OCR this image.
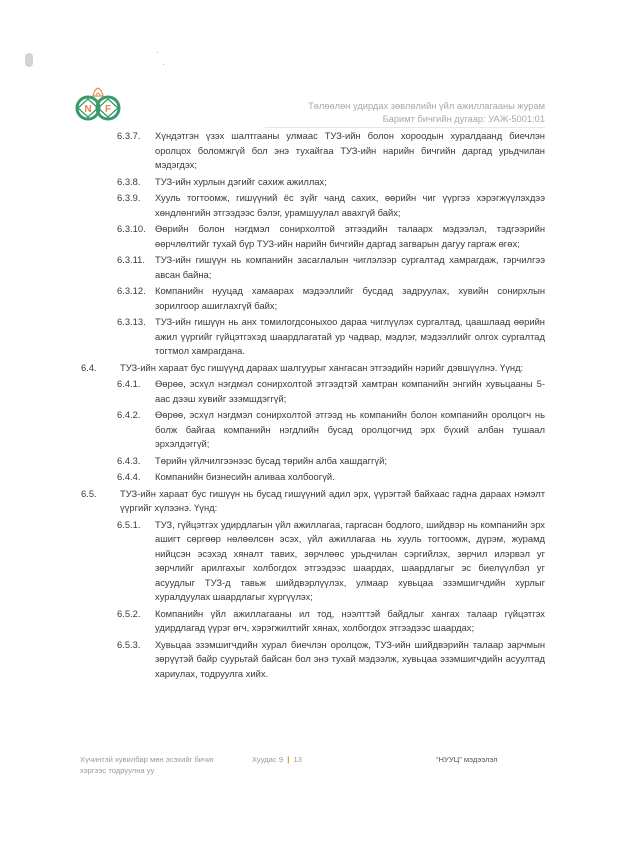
N F	Төлөөлөн удирдах зөвлөлийн үйл ажиллагааны журам
Баримт бичгийн дугаар: УАЖ-5001:01
6.3.7. Хүндэтгэн үзэх шалтгааны улмаас ТУЗ-ийн болон хороодын хуралдаанд биечлэн оролцох боломжгүй бол энэ тухайгаа ТУЗ-ийн нарийн бичгийн даргад урьдчилан мэдэгдэх;
6.3.8. ТУЗ-ийн хурлын дэгийг сахиж ажиллах;
6.3.9. Хууль тогтоомж, гишүүний ёс зүйг чанд сахих, өөрийн чиг үүргээ хэрэгжүүлэхдээ хөндлөнгийн этгээдээс бэлэг, урамшуулал авахгүй байх;
6.3.10. Өөрийн болон нэгдмэл сонирхолтой этгээдийн талаарх мэдээлэл, тэдгээрийн өөрчлөлтийг тухай бүр ТУЗ-ийн нарийн бичгийн даргад загварын дагуу гаргаж өгөх;
6.3.11. ТУЗ-ийн гишүүн нь компанийн засаглалын чиглэлээр сургалтад хамрагдаж, гэрчилгээ авсан байна;
6.3.12. Компанийн нууцад хамаарах мэдээллийг бусдад задруулах, хувийн сонирхлын зорилгоор ашиглахгүй байх;
6.3.13. ТУЗ-ийн гишүүн нь анх томилогдсоныхоо дараа чиглүүлэх сургалтад, цаашлаад өөрийн ажил үүргийг гүйцэтгэхэд шаардлагатай ур чадвар, мэдлэг, мэдээллийг олгох сургалтад тогтмол хамрагдана.
6.4. ТУЗ-ийн хараат бус гишүүнд дараах шалгуурыг хангасан этгээдийн нэрийг дэвшүүлнэ. Үүнд:
6.4.1. Өөрөө, эсхүл нэгдмэл сонирхолтой этгээдтэй хамтран компанийн энгийн хувьцааны 5-аас дээш хувийг эзэмшдэггүй;
6.4.2. Өөрөө, эсхүл нэгдмэл сонирхолтой этгээд нь компанийн болон компанийн оролцогч нь болж байгаа компанийн нэгдлийн бусад оролцогчид эрх бүхий албан тушаал эрхэлдэггүй;
6.4.3. Төрийн үйлчилгээнээс бусад төрийн алба хашдаггүй;
6.4.4. Компанийн бизнесийн аливаа холбоогүй.
6.5. ТУЗ-ийн хараат бус гишүүн нь бусад гишүүний адил эрх, үүрэгтэй байхаас гадна дараах нэмэлт үүргийг хүлээнэ. Үүнд:
6.5.1. ТУЗ, гүйцэтгэх удирдлагын үйл ажиллагаа, гаргасан бодлого, шийдвэр нь компанийн эрх ашигт сөргөөр нөлөөлсөн эсэх, үйл ажиллагаа нь хууль тогтоомж, дүрэм, журамд нийцсэн эсэхэд хяналт тавих, зөрчлөөс урьдчилан сэргийлэх, зөрчил илэрвэл уг зөрчлийг арилгахыг холбогдох этгээдээс шаардах, шаардлагыг эс биелүүлбэл уг асуудлыг ТУЗ-д тавьж шийдвэрлүүлэх, улмаар хувьцаа эзэмшигчдийн хурлыг хуралдуулах шаардлагыг хүргүүлэх;
6.5.2. Компанийн үйл ажиллагааны ил тод, нээлттэй байдлыг хангах талаар гүйцэтгэх удирдлагад үүрэг өгч, хэрэгжилтийг хянах, холбогдох этгээдээс шаардах;
6.5.3. Хувьцаа эзэмшигчдийн хурал биечлэн оролцож, ТУЗ-ийн шийдвэрийн талаар зарчмын зөрүүтэй байр суурьтай байсан бол энэ тухай мэдээлж, хувьцаа эзэмшигчдийн асуултад хариулах, тодруулга хийх.
Хүчинтэй хувилбар мөн эсэхийг бичиг хэргээс тодруулна уу
Хуудас 9 | 13	“НУУЦ” мэдээлэл
